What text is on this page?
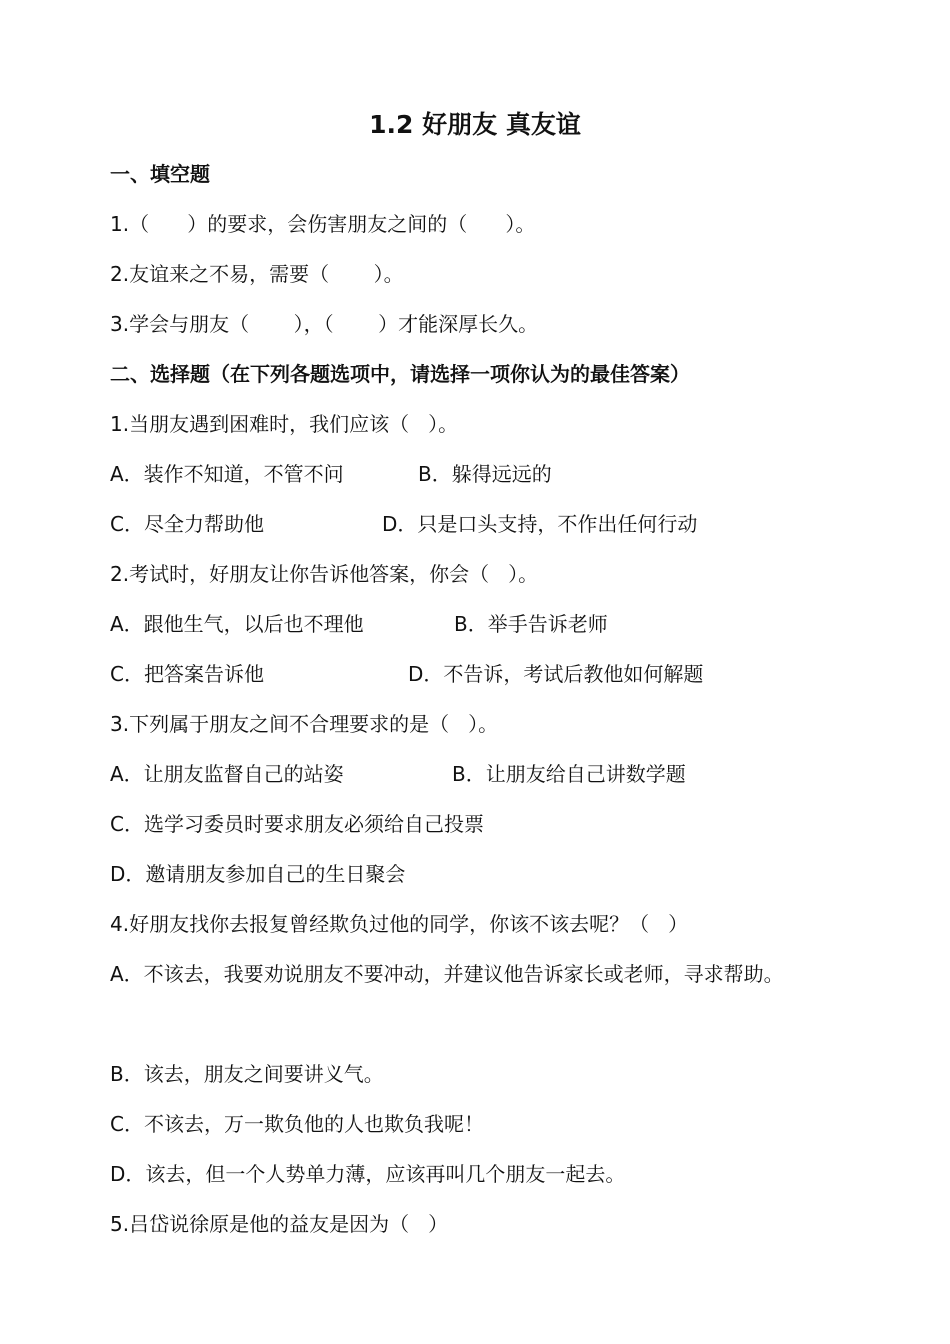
1.2 好朋友 真友谊
一、填空题
1.（      ）的要求，会伤害朋友之间的（      ）。
2.友谊来之不易，需要（       ）。
3.学会与朋友（       ），（       ）才能深厚长久。
二、选择题（在下列各题选项中，请选择一项你认为的最佳答案）
1.当朋友遇到困难时，我们应该（   ）。
A．装作不知道，不管不问	B．躲得远远的
C．尽全力帮助他	D．只是口头支持，不作出任何行动
2.考试时，好朋友让你告诉他答案，你会（   ）。
A．跟他生气，以后也不理他	B．举手告诉老师
C．把答案告诉他	D．不告诉，考试后教他如何解题
3.下列属于朋友之间不合理要求的是（   ）。
A．让朋友监督自己的站姿	B．让朋友给自己讲数学题
C．选学习委员时要求朋友必须给自己投票
D．邀请朋友参加自己的生日聚会
4.好朋友找你去报复曾经欺负过他的同学，你该不该去呢？（   ）
A．不该去，我要劝说朋友不要冲动，并建议他告诉家长或老师，寻求帮助。
B．该去，朋友之间要讲义气。
C．不该去，万一欺负他的人也欺负我呢！
D．该去，但一个人势单力薄，应该再叫几个朋友一起去。
5.吕岱说徐原是他的益友是因为（   ）
